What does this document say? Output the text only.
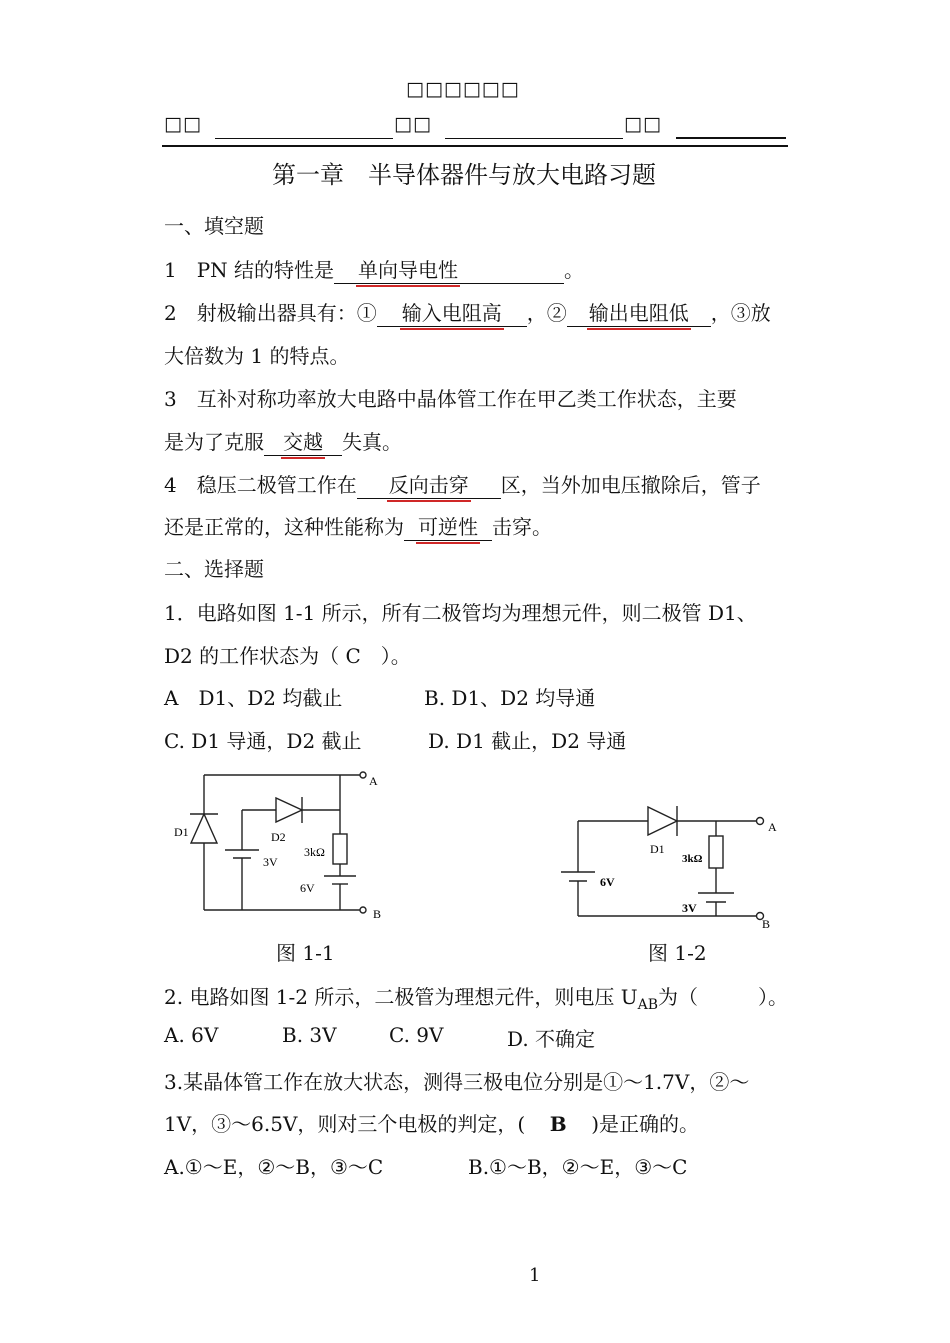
□□□□□□
□□	□□	□□
第一章　半导体器件与放大电路习题
一、填空题
1　PN 结的特性是 单向导电性	。
2　射极输出器具有：① 输入电阻高 ，② 输出电阻低 ，③放
大倍数为 1 的特点。
3　互补对称功率放大电路中晶体管工作在甲乙类工作状态，主要
是为了克服 交越 失真。
4　稳压二极管工作在 反向击穿 区，当外加电压撤除后，管子
还是正常的，这种性能称为 可逆性 击穿。
二、选择题
1．电路如图 1-1 所示，所有二极管均为理想元件，则二极管 D1、
D2 的工作状态为（ C　）。
A　D1、D2 均截止	B. D1、D2 均导通
C. D1 导通，D2 截止	D. D1 截止，D2 导通
D1	D2
3kΩ
3V
6V
A
B
D1
3kΩ
6V
3V
A
B
图 1-1	图 1-2
2. 电路如图 1-2 所示，二极管为理想元件，则电压 $U_{AB}$为（　　　）。
A. 6V	B. 3V	C. 9V	D. 不确定
3.某晶体管工作在放大状态，测得三极电位分别是①～1.7V，②～
1V，③～6.5V，则对三个电极的判定，( B )是正确的。
A.①～E，②～B，③～C	B.①～B，②～E，③～C
1
